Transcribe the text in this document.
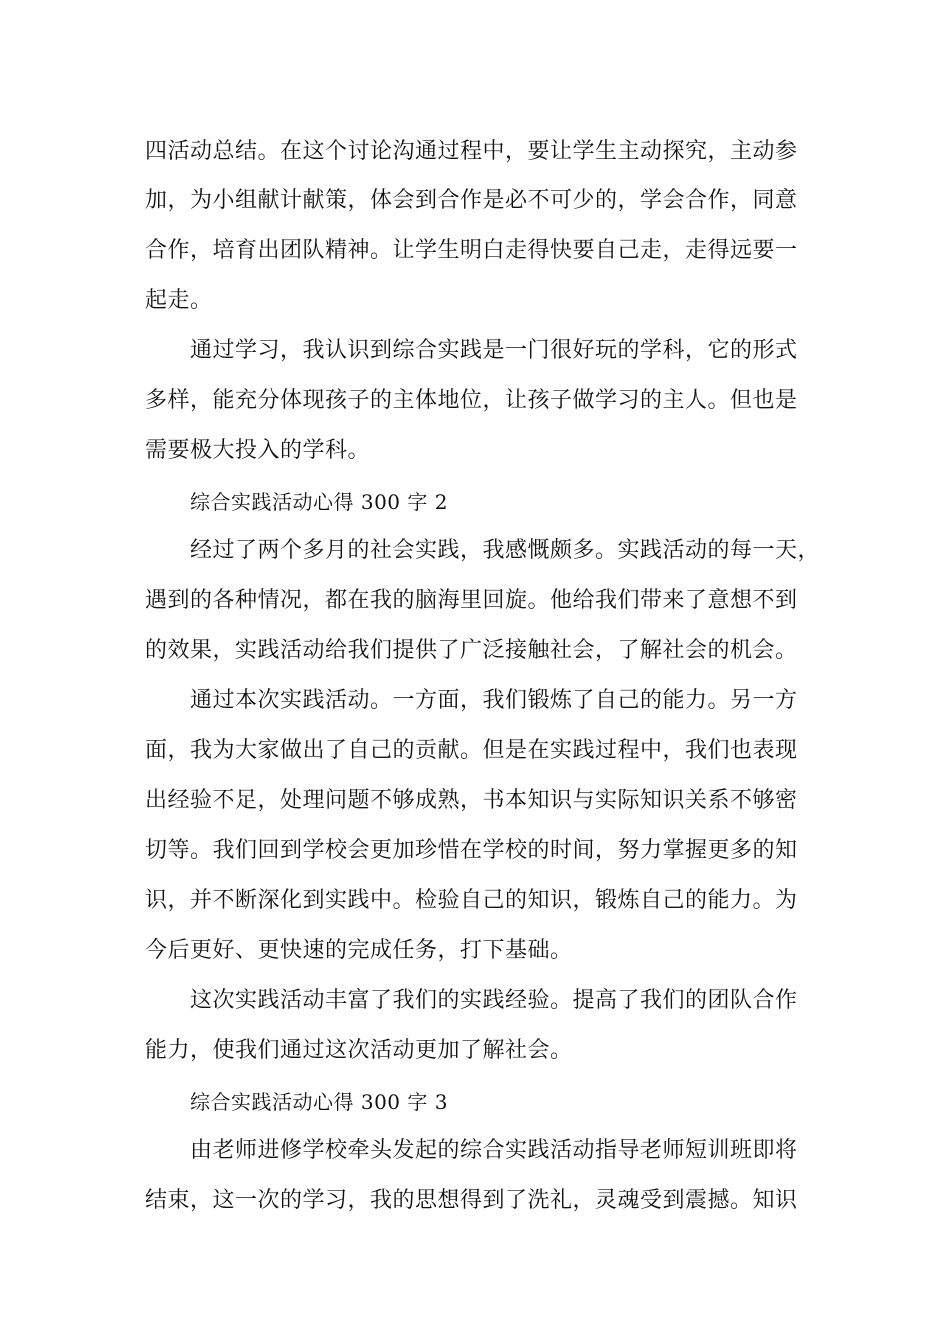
四活动总结。在这个讨论沟通过程中，要让学生主动探究，主动参

加，为小组献计献策，体会到合作是必不可少的，学会合作，同意

合作，培育出团队精神。让学生明白走得快要自己走，走得远要一

起走。

通过学习，我认识到综合实践是一门很好玩的学科，它的形式

多样，能充分体现孩子的主体地位，让孩子做学习的主人。但也是

需要极大投入的学科。

综合实践活动心得 300 字 2

经过了两个多月的社会实践，我感慨颇多。实践活动的每一天，

遇到的各种情况，都在我的脑海里回旋。他给我们带来了意想不到

的效果，实践活动给我们提供了广泛接触社会，了解社会的机会。

通过本次实践活动。一方面，我们锻炼了自己的能力。另一方

面，我为大家做出了自己的贡献。但是在实践过程中，我们也表现

出经验不足，处理问题不够成熟，书本知识与实际知识关系不够密

切等。我们回到学校会更加珍惜在学校的时间，努力掌握更多的知

识，并不断深化到实践中。检验自己的知识，锻炼自己的能力。为

今后更好、更快速的完成任务，打下基础。

这次实践活动丰富了我们的实践经验。提高了我们的团队合作

能力，使我们通过这次活动更加了解社会。

综合实践活动心得 300 字 3

由老师进修学校牵头发起的综合实践活动指导老师短训班即将

结束，这一次的学习，我的思想得到了洗礼，灵魂受到震撼。知识
